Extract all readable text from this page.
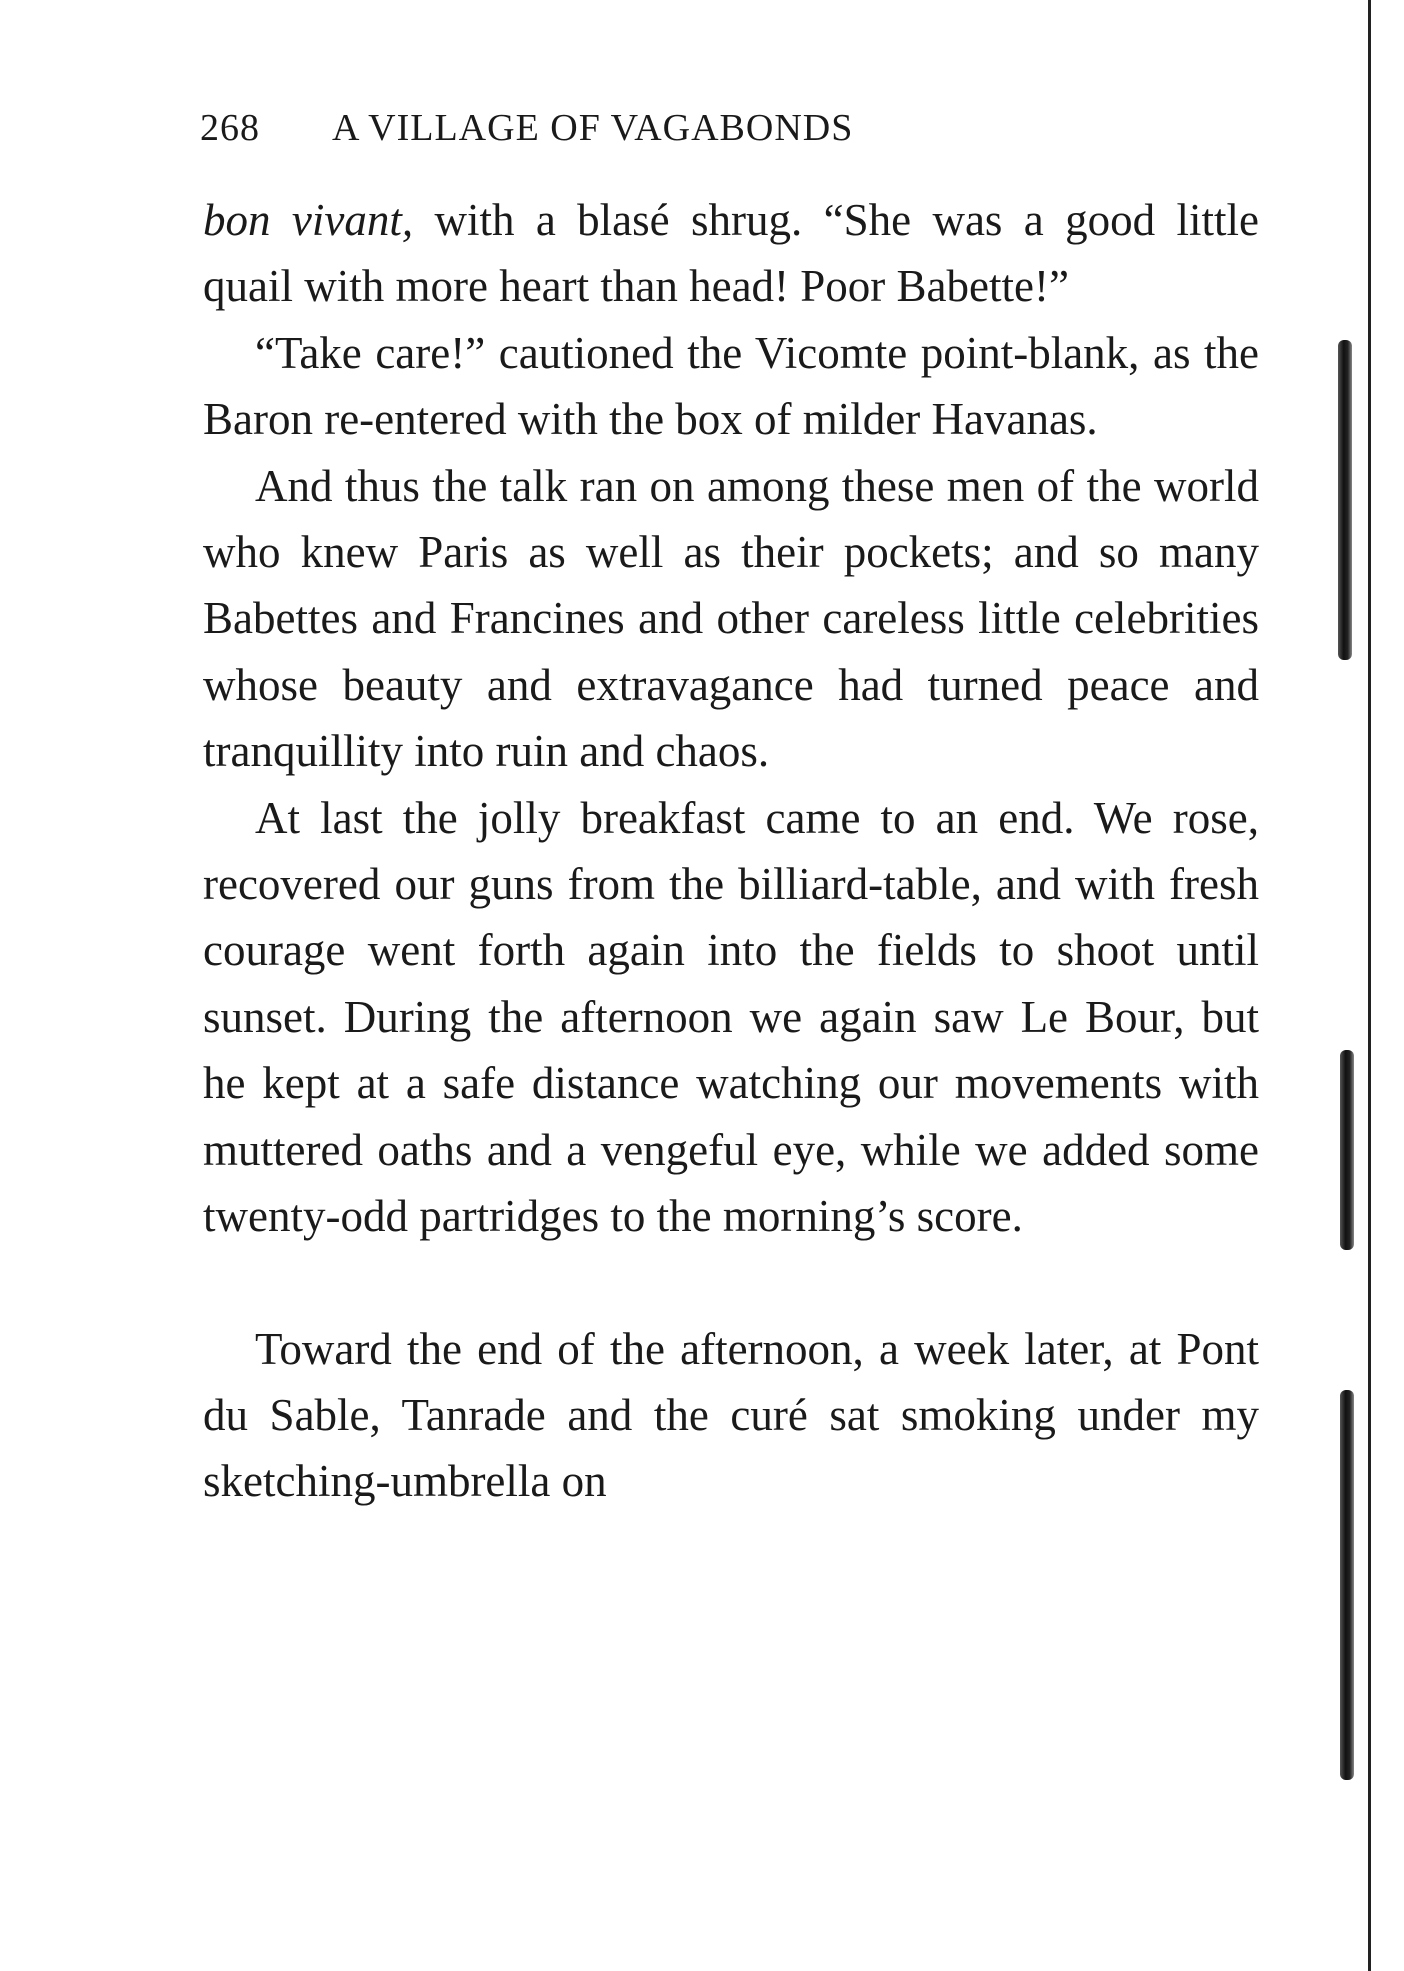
268 A VILLAGE OF VAGABONDS

bon vivant, with a blasé shrug. “She was a good little quail with more heart than head! Poor Babette!”

“Take care!” cautioned the Vicomte point-blank, as the Baron re-entered with the box of milder Havanas.

And thus the talk ran on among these men of the world who knew Paris as well as their pockets; and so many Babettes and Francines and other careless little celebrities whose beauty and extravagance had turned peace and tranquillity into ruin and chaos.

At last the jolly breakfast came to an end. We rose, recovered our guns from the billiard-table, and with fresh courage went forth again into the fields to shoot until sunset. During the afternoon we again saw Le Bour, but he kept at a safe distance watching our movements with muttered oaths and a vengeful eye, while we added some twenty-odd partridges to the morning’s score.

Toward the end of the afternoon, a week later, at Pont du Sable, Tanrade and the curé sat smoking under my sketching-umbrella on
